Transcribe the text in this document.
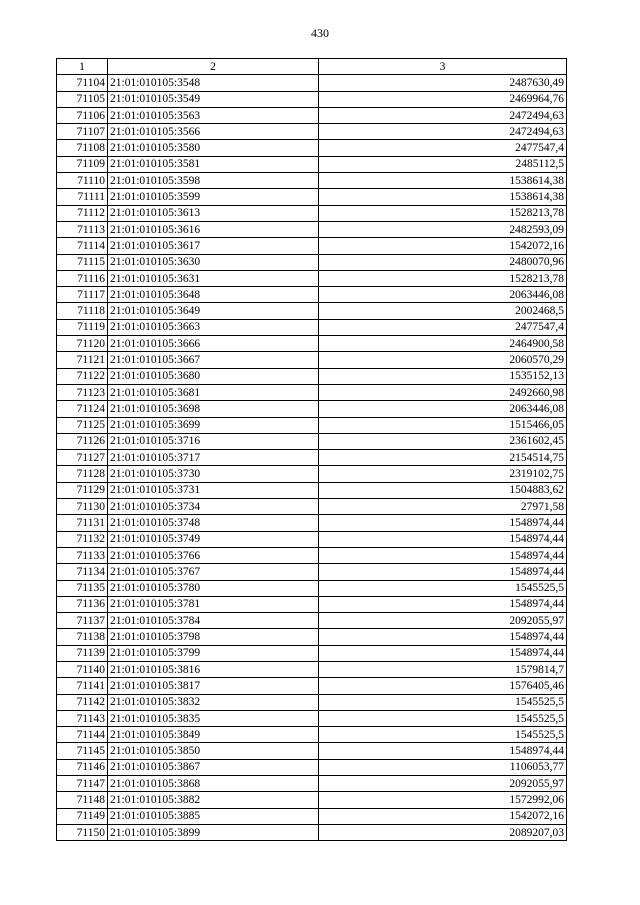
430
1	2	3
71104	21:01:010105:3548	2487630,49
71105	21:01:010105:3549	2469964,76
71106	21:01:010105:3563	2472494,63
71107	21:01:010105:3566	2472494,63
71108	21:01:010105:3580	2477547,4
71109	21:01:010105:3581	2485112,5
71110	21:01:010105:3598	1538614,38
71111	21:01:010105:3599	1538614,38
71112	21:01:010105:3613	1528213,78
71113	21:01:010105:3616	2482593,09
71114	21:01:010105:3617	1542072,16
71115	21:01:010105:3630	2480070,96
71116	21:01:010105:3631	1528213,78
71117	21:01:010105:3648	2063446,08
71118	21:01:010105:3649	2002468,5
71119	21:01:010105:3663	2477547,4
71120	21:01:010105:3666	2464900,58
71121	21:01:010105:3667	2060570,29
71122	21:01:010105:3680	1535152,13
71123	21:01:010105:3681	2492660,98
71124	21:01:010105:3698	2063446,08
71125	21:01:010105:3699	1515466,05
71126	21:01:010105:3716	2361602,45
71127	21:01:010105:3717	2154514,75
71128	21:01:010105:3730	2319102,75
71129	21:01:010105:3731	1504883,62
71130	21:01:010105:3734	27971,58
71131	21:01:010105:3748	1548974,44
71132	21:01:010105:3749	1548974,44
71133	21:01:010105:3766	1548974,44
71134	21:01:010105:3767	1548974,44
71135	21:01:010105:3780	1545525,5
71136	21:01:010105:3781	1548974,44
71137	21:01:010105:3784	2092055,97
71138	21:01:010105:3798	1548974,44
71139	21:01:010105:3799	1548974,44
71140	21:01:010105:3816	1579814,7
71141	21:01:010105:3817	1576405,46
71142	21:01:010105:3832	1545525,5
71143	21:01:010105:3835	1545525,5
71144	21:01:010105:3849	1545525,5
71145	21:01:010105:3850	1548974,44
71146	21:01:010105:3867	1106053,77
71147	21:01:010105:3868	2092055,97
71148	21:01:010105:3882	1572992,06
71149	21:01:010105:3885	1542072,16
71150	21:01:010105:3899	2089207,03
